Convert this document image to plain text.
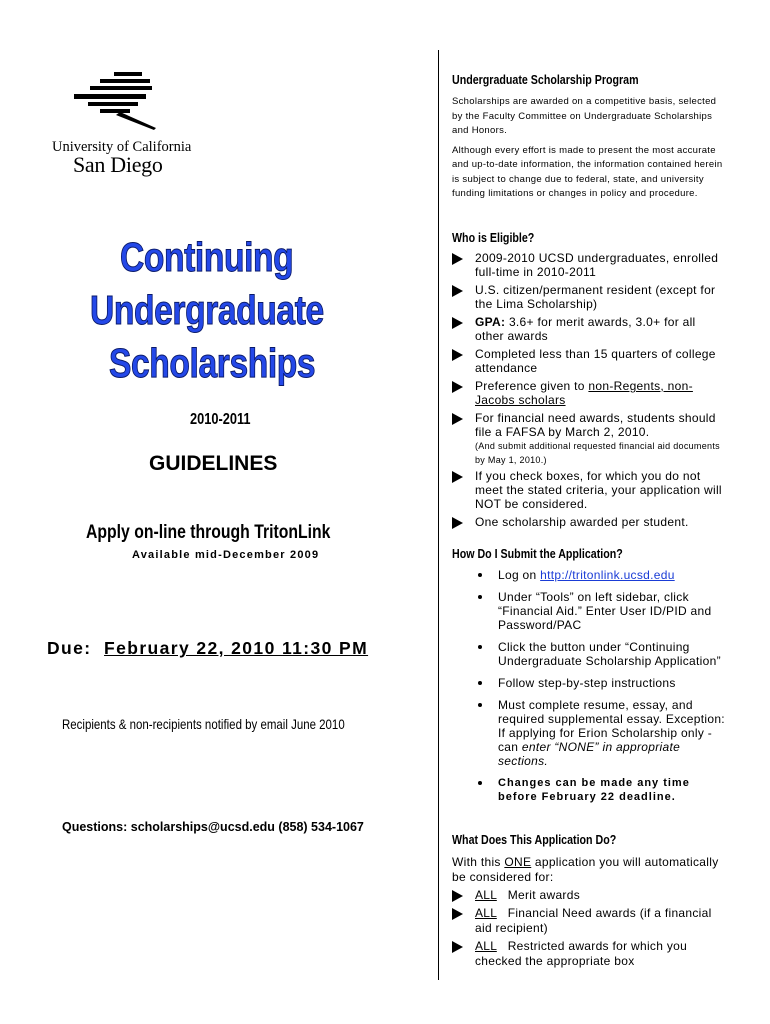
University of California
San Diego
Continuing
Undergraduate
Scholarships
2010-2011
GUIDELINES
Apply on-line through TritonLink
Available mid-December 2009
Due: February 22, 2010 11:30 PM
Recipients & non-recipients notified by email June 2010
Questions: scholarships@ucsd.edu (858) 534-1067
Undergraduate Scholarship Program
Scholarships are awarded on a competitive basis, selected by the Faculty Committee on Undergraduate Scholarships and Honors.
Although every effort is made to present the most accurate and up-to-date information, the information contained herein is subject to change due to federal, state, and university funding limitations or changes in policy and procedure.
Who is Eligible?
2009-2010 UCSD undergraduates, enrolled full-time in 2010-2011
U.S. citizen/permanent resident (except for the Lima Scholarship)
GPA: 3.6+ for merit awards, 3.0+ for all other awards
Completed less than 15 quarters of college attendance
Preference given to non-Regents, non-Jacobs scholars
For financial need awards, students should file a FAFSA by March 2, 2010.
(And submit additional requested financial aid documents by May 1, 2010.)
If you check boxes, for which you do not meet the stated criteria, your application will NOT be considered.
One scholarship awarded per student.
How Do I Submit the Application?
Log on http://tritonlink.ucsd.edu
Under “Tools” on left sidebar, click “Financial Aid.” Enter User ID/PID and Password/PAC
Click the button under “Continuing Undergraduate Scholarship Application”
Follow step-by-step instructions
Must complete resume, essay, and required supplemental essay. Exception: If applying for Erion Scholarship only - can enter “NONE” in appropriate sections.
Changes can be made any time before February 22 deadline.
What Does This Application Do?
With this ONE application you will automatically be considered for:
ALL   Merit awards
ALL   Financial Need awards (if a financial aid recipient)
ALL   Restricted awards for which you checked the appropriate box
